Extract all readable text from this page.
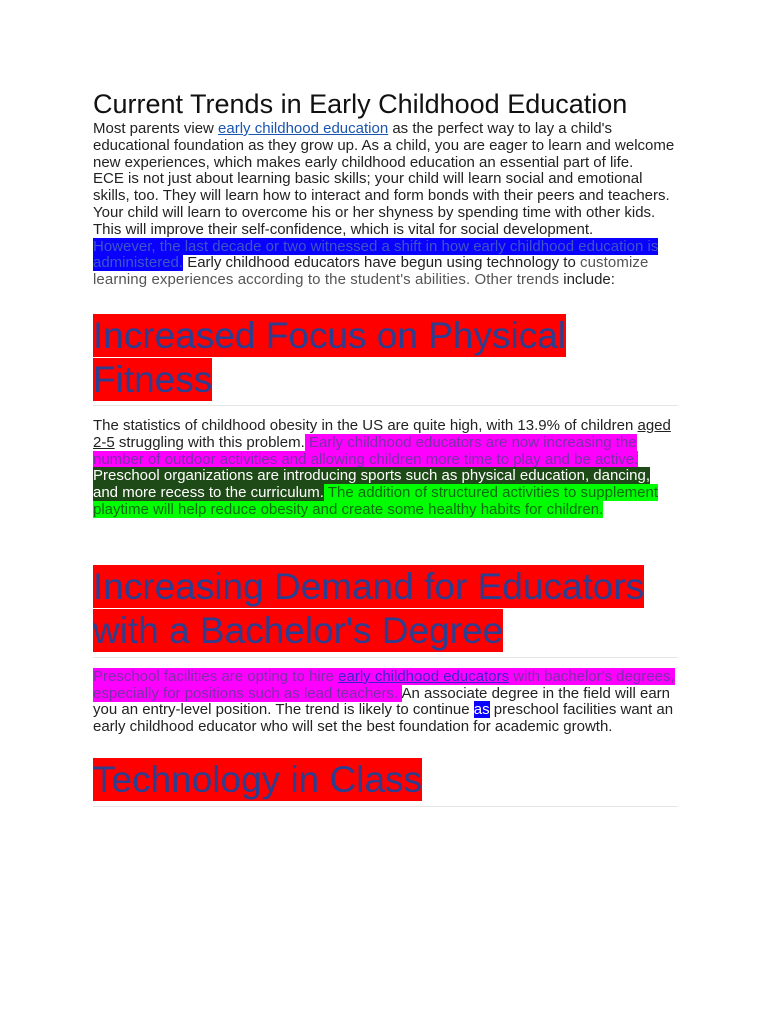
Current Trends in Early Childhood Education

Most parents view early childhood education as the perfect way to lay a child's educational foundation as they grow up. As a child, you are eager to learn and welcome new experiences, which makes early childhood education an essential part of life.

ECE is not just about learning basic skills; your child will learn social and emotional skills, too. They will learn how to interact and form bonds with their peers and teachers. Your child will learn to overcome his or her shyness by spending time with other kids. This will improve their self-confidence, which is vital for social development.

However, the last decade or two witnessed a shift in how early childhood education is administered. Early childhood educators have begun using technology to customize learning experiences according to the student's abilities. Other trends include:

Increased Focus on Physical Fitness

The statistics of childhood obesity in the US are quite high, with 13.9% of children aged 2-5 struggling with this problem. Early childhood educators are now increasing the number of outdoor activities and allowing children more time to play and be active.

Preschool organizations are introducing sports such as physical education, dancing, and more recess to the curriculum. The addition of structured activities to supplement playtime will help reduce obesity and create some healthy habits for children.

Increasing Demand for Educators with a Bachelor's Degree

Preschool facilities are opting to hire early childhood educators with bachelor's degrees, especially for positions such as lead teachers. An associate degree in the field will earn you an entry-level position. The trend is likely to continue as preschool facilities want an early childhood educator who will set the best foundation for academic growth.

Technology in Class
